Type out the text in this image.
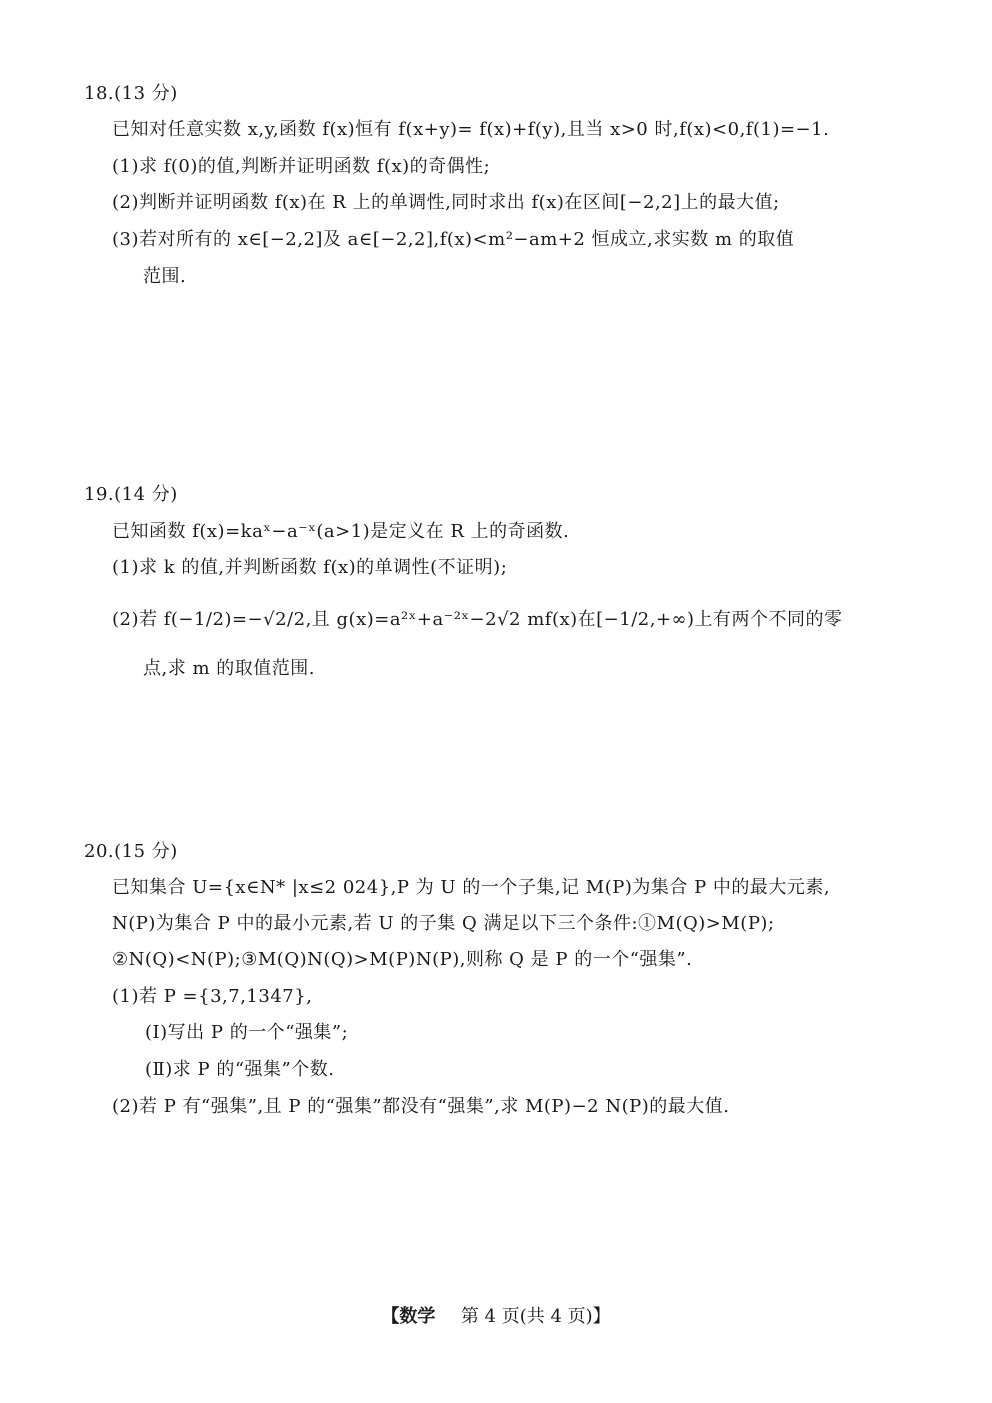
18.(13 分)
已知对任意实数 x,y,函数 f(x)恒有 f(x+y)= f(x)+f(y),且当 x>0 时,f(x)<0,f(1)=−1.
(1)求 f(0)的值,判断并证明函数 f(x)的奇偶性;
(2)判断并证明函数 f(x)在 R 上的单调性,同时求出 f(x)在区间[−2,2]上的最大值;
(3)若对所有的 x∈[−2,2]及 a∈[−2,2],f(x)<m²−am+2 恒成立,求实数 m 的取值
范围.
19.(14 分)
已知函数 f(x)=kaˣ−a⁻ˣ(a>1)是定义在 R 上的奇函数.
(1)求 k 的值,并判断函数 f(x)的单调性(不证明);
(2)若 f(−1/2)=−√2/2,且 g(x)=a²ˣ+a⁻²ˣ−2√2 mf(x)在[−1/2,+∞)上有两个不同的零
点,求 m 的取值范围.
20.(15 分)
已知集合 U={x∈N* |x≤2 024},P 为 U 的一个子集,记 M(P)为集合 P 中的最大元素,
N(P)为集合 P 中的最小元素,若 U 的子集 Q 满足以下三个条件:①M(Q)>M(P);
②N(Q)<N(P);③M(Q)N(Q)>M(P)N(P),则称 Q 是 P 的一个“强集”.
(1)若 P ={3,7,1347},
(Ⅰ)写出 P 的一个“强集”;
(Ⅱ)求 P 的“强集”个数.
(2)若 P 有“强集”,且 P 的“强集”都没有“强集”,求 M(P)−2 N(P)的最大值.
【数学 第 4 页(共 4 页)】
